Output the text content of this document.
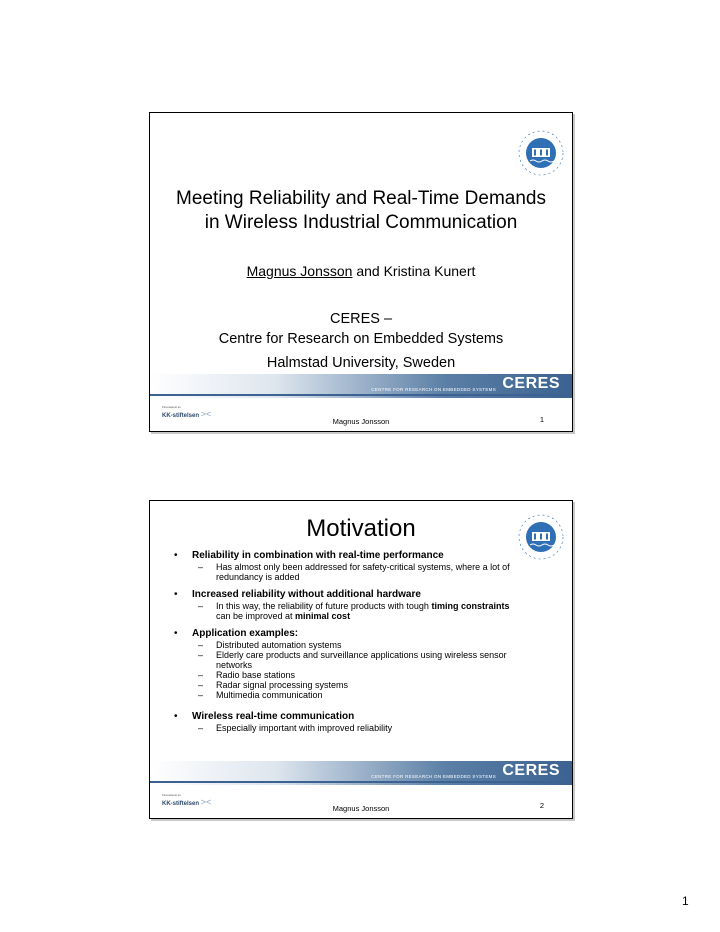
Meeting Reliability and Real-Time Demands
in Wireless Industrial Communication
Magnus Jonsson and Kristina Kunert
CERES –
Centre for Research on Embedded Systems
Halmstad University, Sweden
CENTRE FOR RESEARCH ON EMBEDDED SYSTEMS CERES
Finansierat av
KK-stiftelsen ><
Magnus Jonsson	1
Motivation
• Reliability in combination with real-time performance
– Has almost only been addressed for safety-critical systems, where a lot of redundancy is added
• Increased reliability without additional hardware
– In this way, the reliability of future products with tough timing constraints can be improved at minimal cost
• Application examples:
– Distributed automation systems
– Elderly care products and surveillance applications using wireless sensor networks
– Radio base stations
– Radar signal processing systems
– Multimedia communication
• Wireless real-time communication
– Especially important with improved reliability
CENTRE FOR RESEARCH ON EMBEDDED SYSTEMS CERES
Finansierat av
KK-stiftelsen ><
Magnus Jonsson	2
1
